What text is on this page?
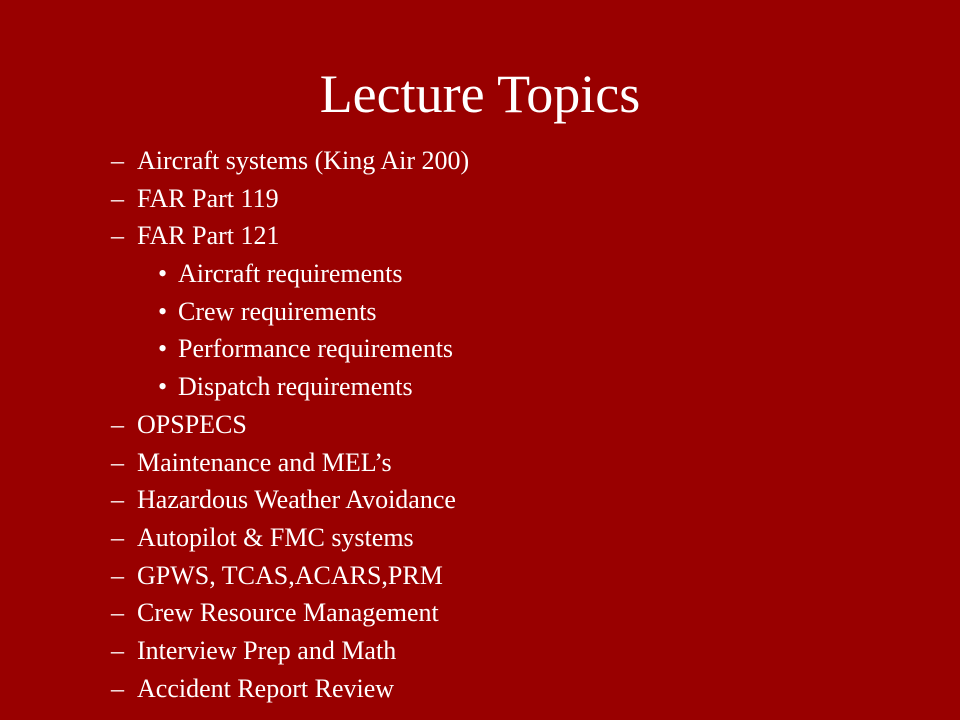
Lecture Topics
– Aircraft systems (King Air 200)
– FAR Part 119
– FAR Part 121
• Aircraft requirements
• Crew requirements
• Performance requirements
• Dispatch requirements
– OPSPECS
– Maintenance and MEL’s
– Hazardous Weather Avoidance
– Autopilot & FMC systems
– GPWS, TCAS,ACARS,PRM
– Crew Resource Management
– Interview Prep and Math
– Accident Report Review
